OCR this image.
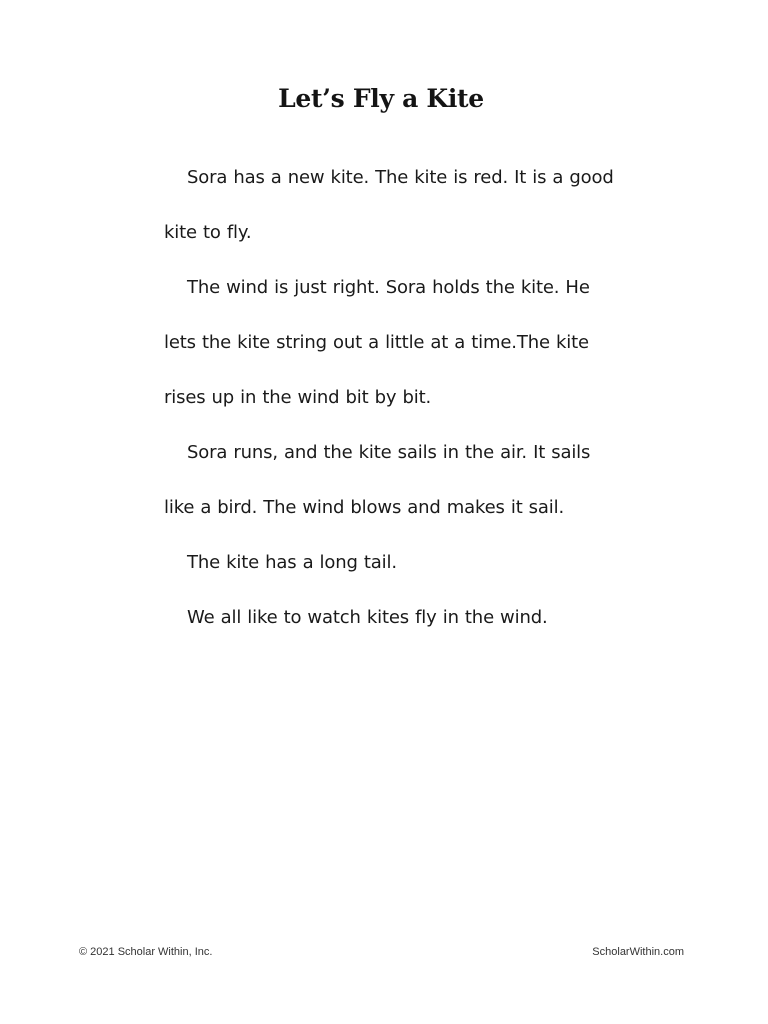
Let’s Fly a Kite

Sora has a new kite. The kite is red. It is a good kite to fly.

The wind is just right. Sora holds the kite. He lets the kite string out a little at a time.The kite rises up in the wind bit by bit.

Sora runs, and the kite sails in the air. It sails like a bird. The wind blows and makes it sail.

The kite has a long tail.

We all like to watch kites fly in the wind.

© 2021 Scholar Within, Inc.	ScholarWithin.com
